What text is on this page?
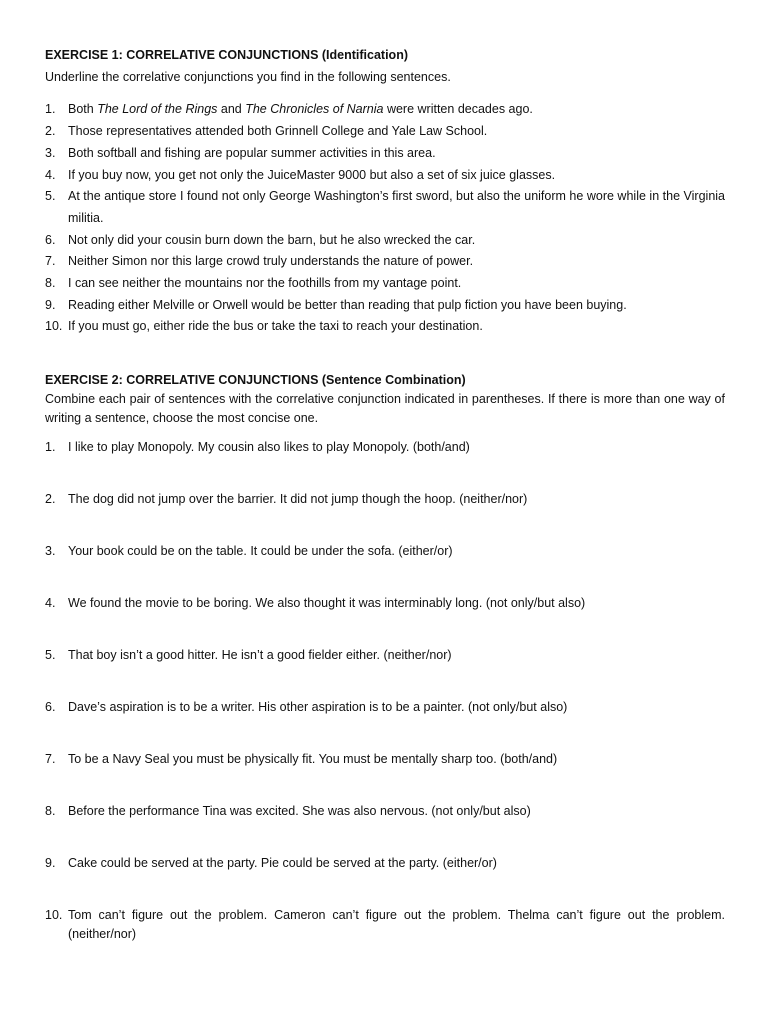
EXERCISE 1: CORRELATIVE CONJUNCTIONS (Identification)

Underline the correlative conjunctions you find in the following sentences.

1. Both The Lord of the Rings and The Chronicles of Narnia were written decades ago.
2. Those representatives attended both Grinnell College and Yale Law School.
3. Both softball and fishing are popular summer activities in this area.
4. If you buy now, you get not only the JuiceMaster 9000 but also a set of six juice glasses.
5. At the antique store I found not only George Washington’s first sword, but also the uniform he wore while in the Virginia militia.
6. Not only did your cousin burn down the barn, but he also wrecked the car.
7. Neither Simon nor this large crowd truly understands the nature of power.
8. I can see neither the mountains nor the foothills from my vantage point.
9. Reading either Melville or Orwell would be better than reading that pulp fiction you have been buying.
10. If you must go, either ride the bus or take the taxi to reach your destination.

EXERCISE 2: CORRELATIVE CONJUNCTIONS (Sentence Combination)

Combine each pair of sentences with the correlative conjunction indicated in parentheses. If there is more than one way of writing a sentence, choose the most concise one.

1. I like to play Monopoly. My cousin also likes to play Monopoly. (both/and)
2. The dog did not jump over the barrier. It did not jump though the hoop. (neither/nor)
3. Your book could be on the table. It could be under the sofa. (either/or)
4. We found the movie to be boring. We also thought it was interminably long. (not only/but also)
5. That boy isn’t a good hitter. He isn’t a good fielder either. (neither/nor)
6. Dave’s aspiration is to be a writer. His other aspiration is to be a painter. (not only/but also)
7. To be a Navy Seal you must be physically fit. You must be mentally sharp too. (both/and)
8. Before the performance Tina was excited. She was also nervous. (not only/but also)
9. Cake could be served at the party. Pie could be served at the party. (either/or)
10. Tom can’t figure out the problem. Cameron can’t figure out the problem. Thelma can’t figure out the problem. (neither/nor)
